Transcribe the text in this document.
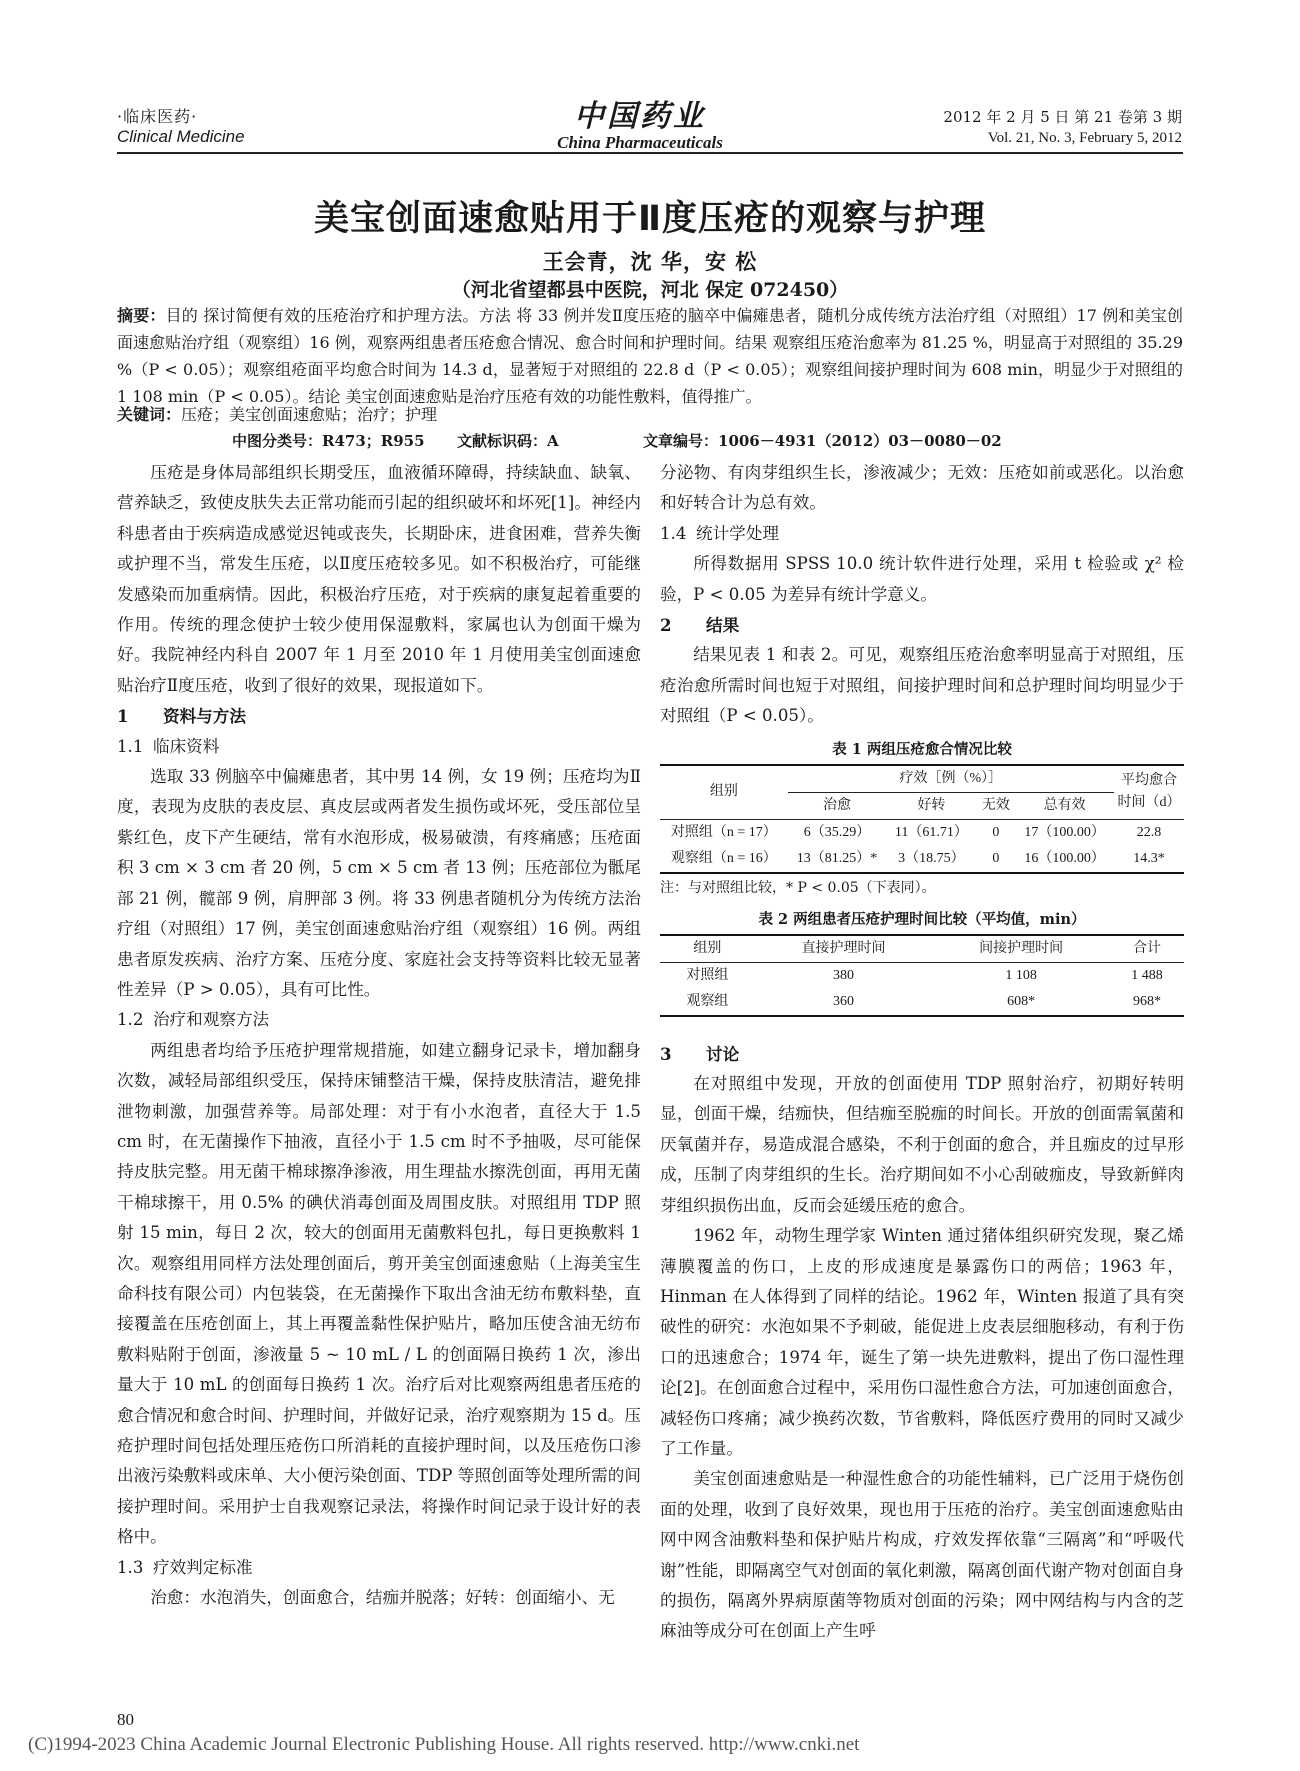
·临床医药·
Clinical Medicine
中国药业
China Pharmaceuticals
2012 年 2 月 5 日 第 21 卷第 3 期
Vol. 21, No. 3, February 5, 2012
美宝创面速愈贴用于Ⅱ度压疮的观察与护理
王会青，沈 华，安 松
（河北省望都县中医院，河北 保定 072450）
摘要：目的 探讨简便有效的压疮治疗和护理方法。方法 将 33 例并发Ⅱ度压疮的脑卒中偏瘫患者，随机分成传统方法治疗组（对照组）17 例和美宝创面速愈贴治疗组（观察组）16 例，观察两组患者压疮愈合情况、愈合时间和护理时间。结果 观察组压疮治愈率为 81.25 %，明显高于对照组的 35.29 %（P < 0.05）；观察组疮面平均愈合时间为 14.3 d，显著短于对照组的 22.8 d（P < 0.05）；观察组间接护理时间为 608 min，明显少于对照组的 1 108 min（P < 0.05）。结论 美宝创面速愈贴是治疗压疮有效的功能性敷料，值得推广。
关键词：压疮；美宝创面速愈贴；治疗；护理
中图分类号：R473；R955 文献标识码：A	文章编号：1006－4931（2012）03－0080－02

压疮是身体局部组织长期受压，血液循环障碍，持续缺血、缺氧、营养缺乏，致使皮肤失去正常功能而引起的组织破坏和坏死[1]。神经内科患者由于疾病造成感觉迟钝或丧失，长期卧床，进食困难，营养失衡或护理不当，常发生压疮，以Ⅱ度压疮较多见。如不积极治疗，可能继发感染而加重病情。因此，积极治疗压疮，对于疾病的康复起着重要的作用。传统的理念使护士较少使用保湿敷料，家属也认为创面干燥为好。我院神经内科自 2007 年 1 月至 2010 年 1 月使用美宝创面速愈贴治疗Ⅱ度压疮，收到了很好的效果，现报道如下。

1 资料与方法
1.1 临床资料

选取 33 例脑卒中偏瘫患者，其中男 14 例，女 19 例；压疮均为Ⅱ度，表现为皮肤的表皮层、真皮层或两者发生损伤或坏死，受压部位呈紫红色，皮下产生硬结，常有水泡形成，极易破溃，有疼痛感；压疮面积 3 cm × 3 cm 者 20 例，5 cm × 5 cm 者 13 例；压疮部位为骶尾部 21 例，髋部 9 例，肩胛部 3 例。将 33 例患者随机分为传统方法治疗组（对照组）17 例，美宝创面速愈贴治疗组（观察组）16 例。两组患者原发疾病、治疗方案、压疮分度、家庭社会支持等资料比较无显著性差异（P > 0.05），具有可比性。

1.2 治疗和观察方法

两组患者均给予压疮护理常规措施，如建立翻身记录卡，增加翻身次数，减轻局部组织受压，保持床铺整洁干燥，保持皮肤清洁，避免排泄物刺激，加强营养等。局部处理：对于有小水泡者，直径大于 1.5 cm 时，在无菌操作下抽液，直径小于 1.5 cm 时不予抽吸，尽可能保持皮肤完整。用无菌干棉球擦净渗液，用生理盐水擦洗创面，再用无菌干棉球擦干，用 0.5% 的碘伏消毒创面及周围皮肤。对照组用 TDP 照射 15 min，每日 2 次，较大的创面用无菌敷料包扎，每日更换敷料 1 次。观察组用同样方法处理创面后，剪开美宝创面速愈贴（上海美宝生命科技有限公司）内包装袋，在无菌操作下取出含油无纺布敷料垫，直接覆盖在压疮创面上，其上再覆盖黏性保护贴片，略加压使含油无纺布敷料贴附于创面，渗液量 5 ~ 10 mL / L 的创面隔日换药 1 次，渗出量大于 10 mL 的创面每日换药 1 次。治疗后对比观察两组患者压疮的愈合情况和愈合时间、护理时间，并做好记录，治疗观察期为 15 d。压疮护理时间包括处理压疮伤口所消耗的直接护理时间，以及压疮伤口渗出液污染敷料或床单、大小便污染创面、TDP 等照创面等处理所需的间接护理时间。采用护士自我观察记录法，将操作时间记录于设计好的表格中。

1.3 疗效判定标准

治愈：水泡消失，创面愈合，结痂并脱落；好转：创面缩小、无

分泌物、有肉芽组织生长，渗液减少；无效：压疮如前或恶化。以治愈和好转合计为总有效。

1.4 统计学处理

所得数据用 SPSS 10.0 统计软件进行处理，采用 t 检验或 χ² 检验，P < 0.05 为差异有统计学意义。

2 结果

结果见表 1 和表 2。可见，观察组压疮治愈率明显高于对照组，压疮治愈所需时间也短于对照组，间接护理时间和总护理时间均明显少于对照组（P < 0.05）。

表 1 两组压疮愈合情况比较
组别	疗效［例（%）］				平均愈合时间（d）
	治愈	好转	无效	总有效	
对照组（n = 17）	6（35.29）	11（61.71）	0	17（100.00）	22.8
观察组（n = 16）	13（81.25）*	3（18.75）	0	16（100.00）	14.3*
注：与对照组比较，* P < 0.05（下表同）。
表 2 两组患者压疮护理时间比较（平均值，min）
组别	直接护理时间	间接护理时间	合计
对照组	380	1 108	1 488
观察组	360	608*	968*
3 讨论

在对照组中发现，开放的创面使用 TDP 照射治疗，初期好转明显，创面干燥，结痂快，但结痂至脱痂的时间长。开放的创面需氧菌和厌氧菌并存，易造成混合感染，不利于创面的愈合，并且痂皮的过早形成，压制了肉芽组织的生长。治疗期间如不小心刮破痂皮，导致新鲜肉芽组织损伤出血，反而会延缓压疮的愈合。

1962 年，动物生理学家 Winten 通过猪体组织研究发现，聚乙烯薄膜覆盖的伤口，上皮的形成速度是暴露伤口的两倍；1963 年，Hinman 在人体得到了同样的结论。1962 年，Winten 报道了具有突破性的研究：水泡如果不予刺破，能促进上皮表层细胞移动，有利于伤口的迅速愈合；1974 年，诞生了第一块先进敷料，提出了伤口湿性理论[2]。在创面愈合过程中，采用伤口湿性愈合方法，可加速创面愈合，减轻伤口疼痛；减少换药次数，节省敷料，降低医疗费用的同时又减少了工作量。

美宝创面速愈贴是一种湿性愈合的功能性辅料，已广泛用于烧伤创面的处理，收到了良好效果，现也用于压疮的治疗。美宝创面速愈贴由网中网含油敷料垫和保护贴片构成，疗效发挥依靠“三隔离”和“呼吸代谢”性能，即隔离空气对创面的氧化刺激，隔离创面代谢产物对创面自身的损伤，隔离外界病原菌等物质对创面的污染；网中网结构与内含的芝麻油等成分可在创面上产生呼

80
(C)1994-2023 China Academic Journal Electronic Publishing House. All rights reserved. http://www.cnki.net
